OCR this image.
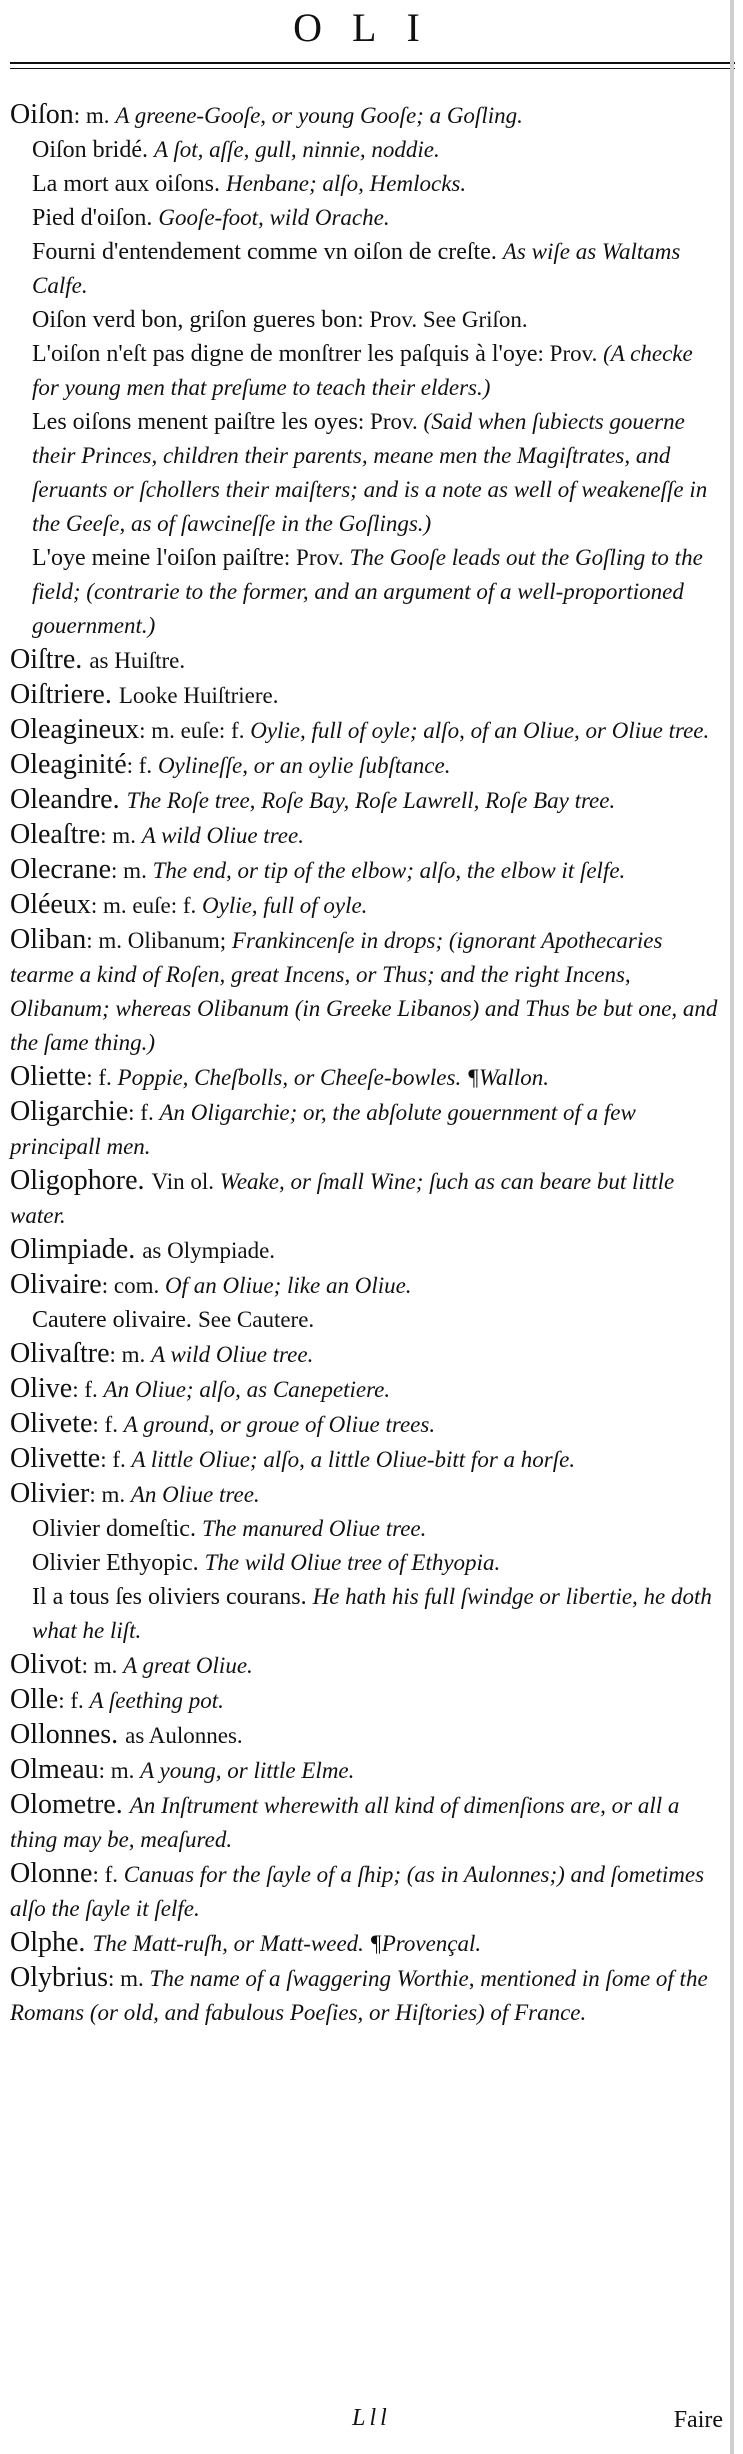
OLI
Oiſon: m. A greene-Gooſe, or young Gooſe; a Goſling.
Oiſon bridé. A ſot, aſſe, gull, ninnie, noddie.
La mort aux oiſons. Henbane; alſo, Hemlocks.
Pied d'oiſon. Gooſe-foot, wild Orache.
Fourni d'entendement comme vn oiſon de creſte. As wiſe as Waltams Calfe.
Oiſon verd bon, griſon gueres bon: Prov. See Griſon.
L'oiſon n'eſt pas digne de monſtrer les paſquis à l'oye: Prov. (A checke for young men that preſume to teach their elders.)
Les oiſons menent paiſtre les oyes: Prov. (Said when ſubiects gouerne their Princes, children their parents, meane men the Magiſtrates, and ſeruants or ſchollers their maiſters; and is a note as well of weakeneſſe in the Geeſe, as of ſawcineſſe in the Goſlings.)
L'oye meine l'oiſon paiſtre: Prov. The Gooſe leads out the Goſling to the field; (contrarie to the former, and an argument of a well-proportioned gouernment.)
Oiſtre. as Huiſtre.
Oiſtriere. Looke Huiſtriere.
Oleagineux: m. euſe: f. Oylie, full of oyle; alſo, of an Oliue, or Oliue tree.
Oleaginité: f. Oylineſſe, or an oylie ſubſtance.
Oleandre. The Roſe tree, Roſe Bay, Roſe Lawrell, Roſe Bay tree.
Oleaſtre: m. A wild Oliue tree.
Olecrane: m. The end, or tip of the elbow; alſo, the elbow it ſelfe.
Oléeux: m. euſe: f. Oylie, full of oyle.
Oliban: m. Olibanum; Frankincenſe in drops; (ignorant Apothecaries tearme a kind of Roſen, great Incens, or Thus; and the right Incens, Olibanum; whereas Olibanum (in Greeke Libanos) and Thus be but one, and the ſame thing.)
Oliette: f. Poppie, Cheſbolls, or Cheeſe-bowles. ¶Wallon.
Oligarchie: f. An Oligarchie; or, the abſolute gouernment of a few principall men.
Oligophore. Vin ol. Weake, or ſmall Wine; ſuch as can beare but little water.
Olimpiade. as Olympiade.
Olivaire: com. Of an Oliue; like an Oliue.
Cautere olivaire. See Cautere.
Olivaſtre: m. A wild Oliue tree.
Olive: f. An Oliue; alſo, as Canepetiere.
Olivete: f. A ground, or groue of Oliue trees.
Olivette: f. A little Oliue; alſo, a little Oliue-bitt for a horſe.
Olivier: m. An Oliue tree.
Olivier domeſtic. The manured Oliue tree.
Olivier Ethyopic. The wild Oliue tree of Ethyopia.
Il a tous ſes oliviers courans. He hath his full ſwindge or libertie, he doth what he liſt.
Olivot: m. A great Oliue.
Olle: f. A ſeething pot.
Ollonnes. as Aulonnes.
Olmeau: m. A young, or little Elme.
Olometre. An Inſtrument wherewith all kind of dimenſions are, or all a thing may be, meaſured.
Olonne: f. Canuas for the ſayle of a ſhip; (as in Aulonnes;) and ſometimes alſo the ſayle it ſelfe.
Olphe. The Matt-ruſh, or Matt-weed. ¶Provençal.
Olybrius: m. The name of a ſwaggering Worthie, mentioned in ſome of the Romans (or old, and fabulous Poeſies, or Hiſtories) of France.
Lll	Faire
